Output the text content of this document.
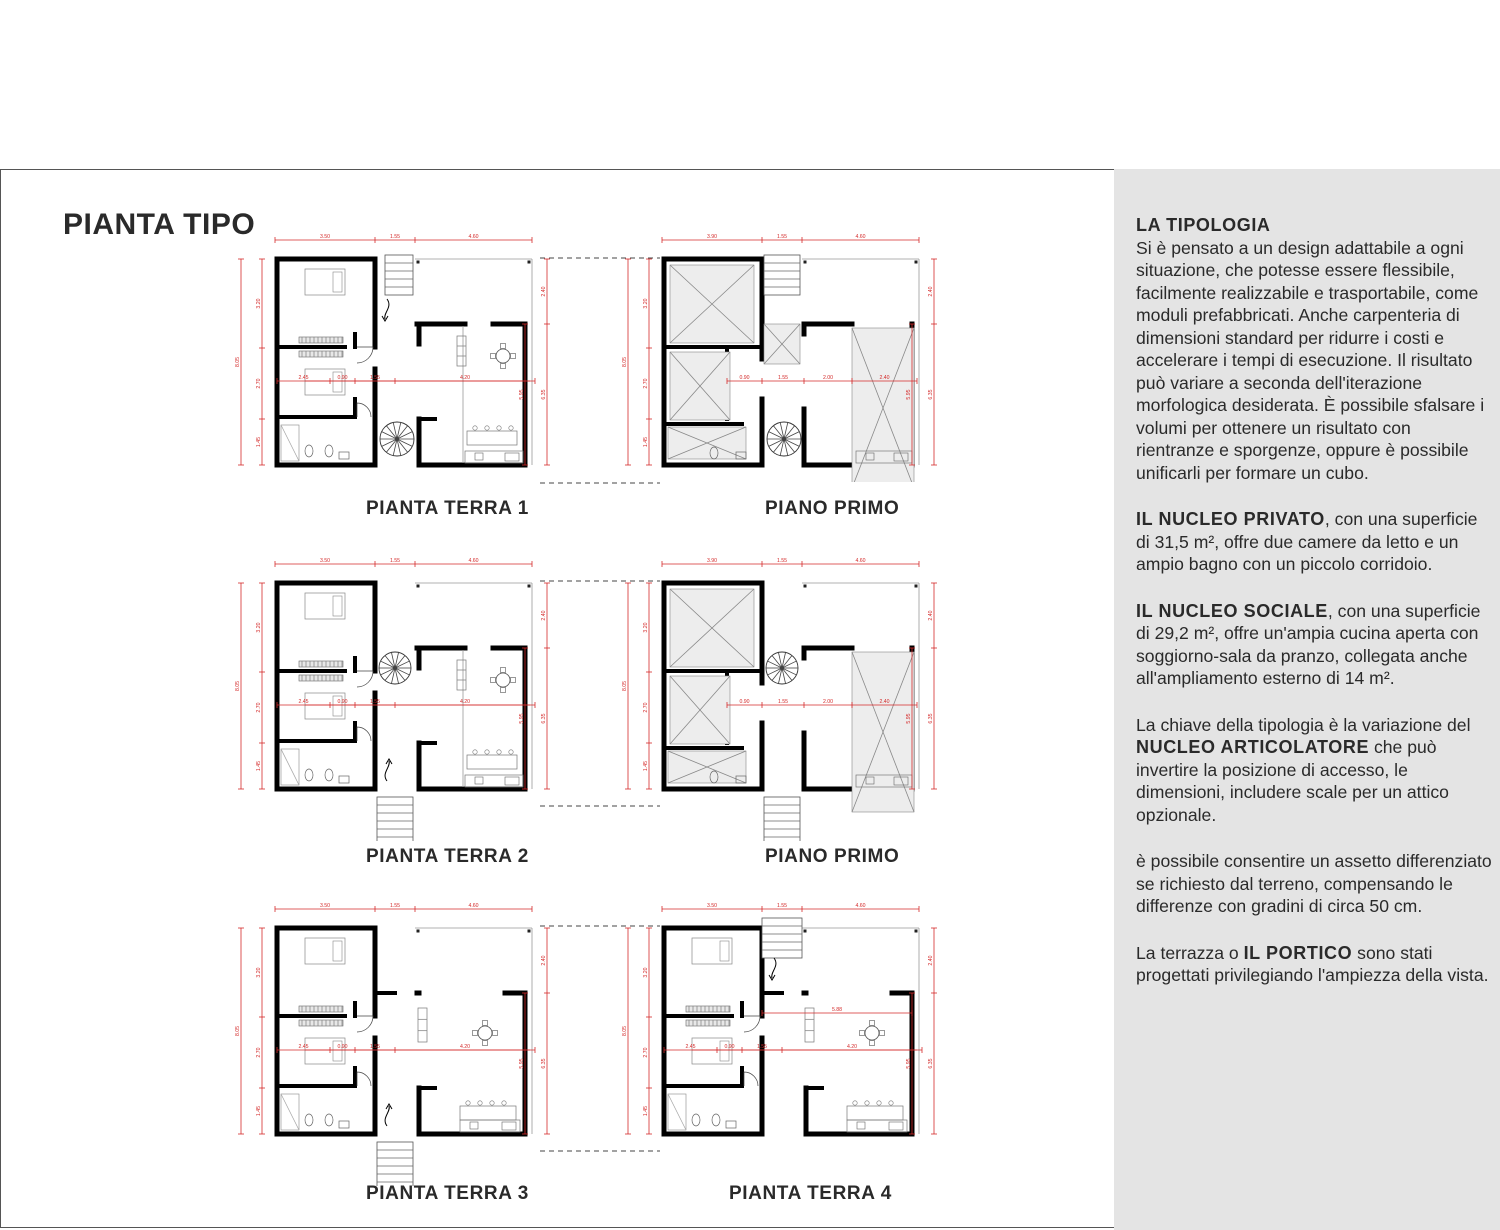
PIANTA TIPO
2.45	0.90	1.55	4.20
5.95
3.50	1.55	4.60
8.05
3.20
2.70
1.45
2.40
6.35
0.90	1.55	2.00	2.40
5.95
3.90	1.55	4.60
8.05
3.20
2.70
1.45
2.40
6.35
2.45	0.90	1.55	4.20
5.95
3.50	1.55	4.60
8.05
3.20
2.70
1.45
2.40
6.35
0.90	1.55	2.00	2.40
5.95
3.90	1.55	4.60
8.05
3.20
2.70
1.45
2.40
6.35
2.45	0.90	1.55	4.20
5.95
3.50	1.55	4.60
8.05
3.20
2.70
1.45
2.40
6.35
2.45	0.90	1.55	4.20
5.88
5.95
3.50	1.55	4.60
8.05
3.20
2.70
1.45
2.40
6.35

PIANTA TERRA 1	PIANO PRIMO

PIANTA TERRA 2	PIANO PRIMO

PIANTA TERRA 3	PIANTA TERRA 4

LA TIPOLOGIA
Si è pensato a un design adattabile a ogni situazione, che potesse essere flessibile, facilmente realizzabile e trasportabile, come moduli prefabbricati. Anche carpenteria di dimensioni standard per ridurre i costi e accelerare i tempi di esecuzione. Il risultato può variare a seconda dell'iterazione morfologica desiderata. È possibile sfalsare i volumi per ottenere un risultato con rientranze e sporgenze, oppure è possibile unificarli per formare un cubo.

IL NUCLEO PRIVATO, con una superficie di 31,5 m², offre due camere da letto e un ampio bagno con un piccolo corridoio.

IL NUCLEO SOCIALE, con una superficie di 29,2 m², offre un'ampia cucina aperta con soggiorno-sala da pranzo, collegata anche all'ampliamento esterno di 14 m².

La chiave della tipologia è la variazione del NUCLEO ARTICOLATORE che può invertire la posizione di accesso, le dimensioni, includere scale per un attico opzionale.

è possibile consentire un assetto differenziato se richiesto dal terreno, compensando le differenze con gradini di circa 50 cm.

La terrazza o IL PORTICO sono stati progettati privilegiando l'ampiezza della vista.
